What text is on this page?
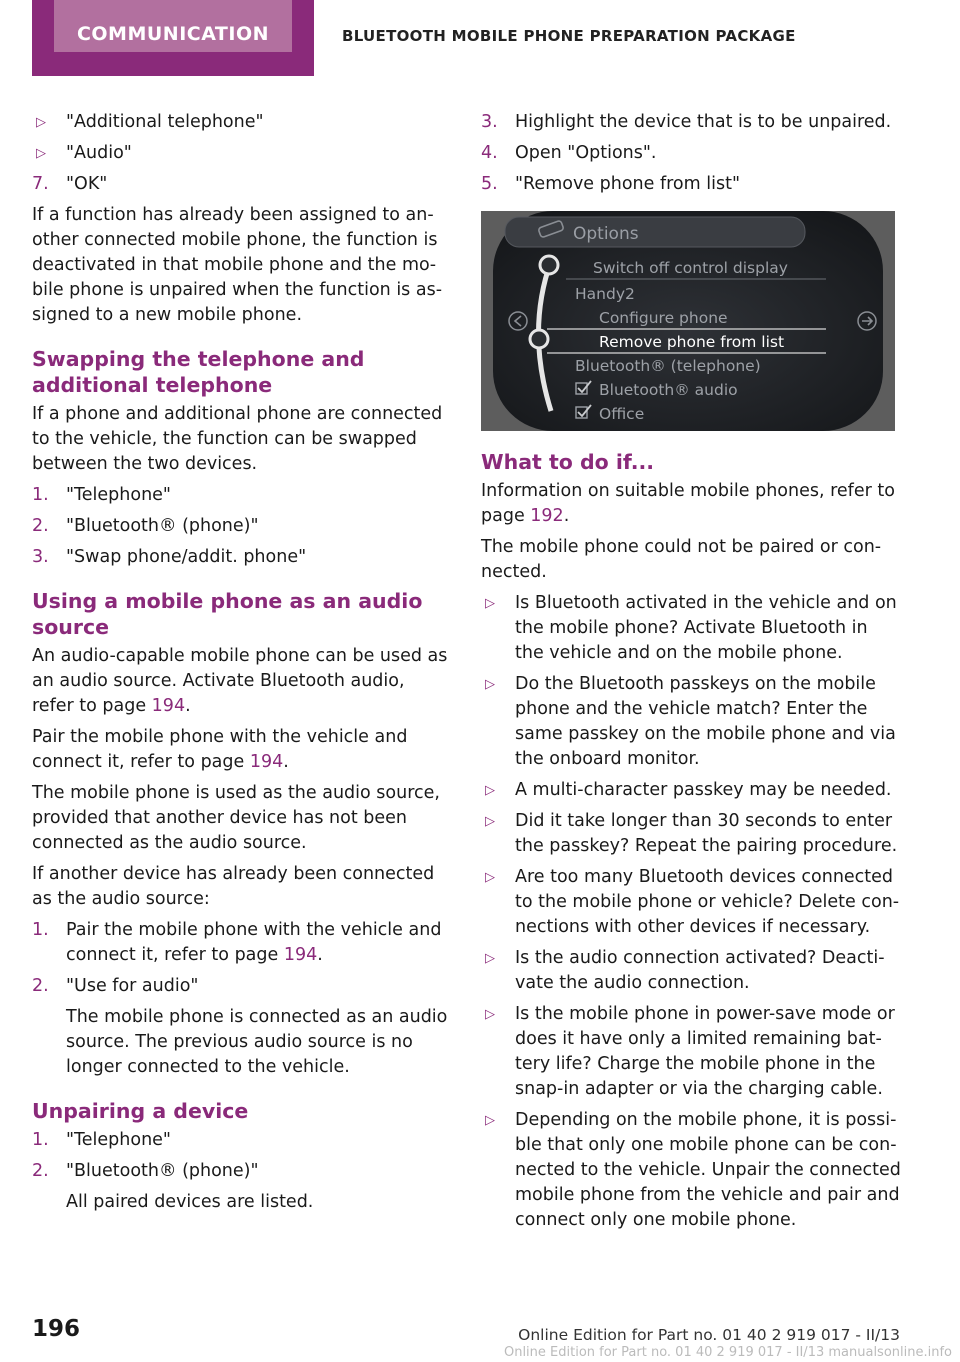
COMMUNICATION	BLUETOOTH MOBILE PHONE PREPARATION PACKAGE
▷ "Additional telephone"
▷ "Audio"
7. "OK"

If a function has already been assigned to another connected mobile phone, the function is deactivated in that mobile phone and the mobile phone is unpaired when the function is assigned to a new mobile phone.

Swapping the telephone and additional telephone

If a phone and additional phone are connected to the vehicle, the function can be swapped between the two devices.

1. "Telephone"
2. "Bluetooth® (phone)"
3. "Swap phone/addit. phone"
Using a mobile phone as an audio source

An audio-capable mobile phone can be used as an audio source. Activate Bluetooth audio, refer to page 194.

Pair the mobile phone with the vehicle and connect it, refer to page 194.

The mobile phone is used as the audio source, provided that another device has not been connected as the audio source.

If another device has already been connected as the audio source:

1. Pair the mobile phone with the vehicle and connect it, refer to page 194.
2. "Use for audio"
The mobile phone is connected as an audio source. The previous audio source is no longer connected to the vehicle.
Unpairing a device
1. "Telephone"
2. "Bluetooth® (phone)"
All paired devices are listed.
3. Highlight the device that is to be unpaired.
4. Open "Options".
5. "Remove phone from list"
Options
Switch off control display
Handy2
Configure phone
Remove phone from list
Bluetooth® (telephone)
Bluetooth® audio
Office
What to do if...

Information on suitable mobile phones, refer to page 192.

The mobile phone could not be paired or connected.

▷ Is Bluetooth activated in the vehicle and on the mobile phone? Activate Bluetooth in the vehicle and on the mobile phone.
▷ Do the Bluetooth passkeys on the mobile phone and the vehicle match? Enter the same passkey on the mobile phone and via the onboard monitor.
▷ A multi-character passkey may be needed.
▷ Did it take longer than 30 seconds to enter the passkey? Repeat the pairing procedure.
▷ Are too many Bluetooth devices connected to the mobile phone or vehicle? Delete connections with other devices if necessary.
▷ Is the audio connection activated? Deactivate the audio connection.
▷ Is the mobile phone in power-save mode or does it have only a limited remaining battery life? Charge the mobile phone in the snap-in adapter or via the charging cable.
▷ Depending on the mobile phone, it is possible that only one mobile phone can be connected to the vehicle. Unpair the connected mobile phone from the vehicle and pair and connect only one mobile phone.
196	Online Edition for Part no. 01 40 2 919 017 - II/13
Online Edition for Part no. 01 40 2 919 017 - II/13 manualsonline.info
